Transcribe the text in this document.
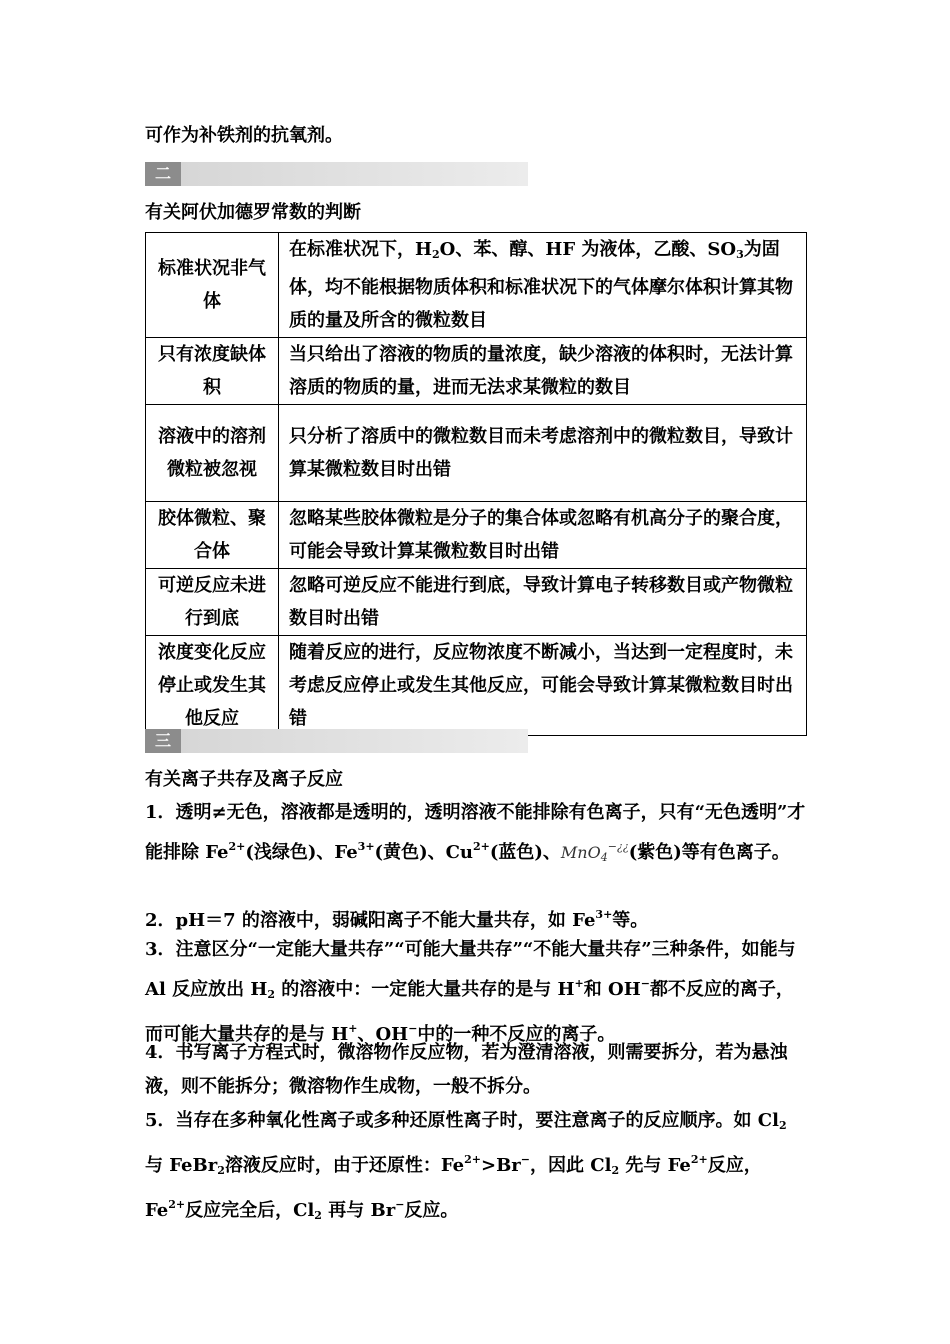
可作为补铁剂的抗氧剂。
二
有关阿伏加德罗常数的判断
标准状况非气体	在标准状况下，$H_2O$、苯、醇、HF 为液体，乙酸、$SO_3$为固体，均不能根据物质体积和标准状况下的气体摩尔体积计算其物质的量及所含的微粒数目
只有浓度缺体积	当只给出了溶液的物质的量浓度，缺少溶液的体积时，无法计算溶质的物质的量，进而无法求某微粒的数目
溶液中的溶剂微粒被忽视	只分析了溶质中的微粒数目而未考虑溶剂中的微粒数目，导致计算某微粒数目时出错
胶体微粒、聚合体	忽略某些胶体微粒是分子的集合体或忽略有机高分子的聚合度，可能会导致计算某微粒数目时出错
可逆反应未进行到底	忽略可逆反应不能进行到底，导致计算电子转移数目或产物微粒数目时出错
浓度变化反应停止或发生其他反应	随着反应的进行，反应物浓度不断减小，当达到一定程度时，未考虑反应停止或发生其他反应，可能会导致计算某微粒数目时出错
三
有关离子共存及离子反应
1．透明≠无色，溶液都是透明的，透明溶液不能排除有色离子，只有“无色透明”才能排除 $Fe^{2+}$(浅绿色)、$Fe^{3+}$(黄色)、$Cu^{2+}$(蓝色)、MnO$_4$−¿¿(紫色)等有色离子。
2．pH＝7 的溶液中，弱碱阳离子不能大量共存，如 $Fe^{3+}$等。
3．注意区分“一定能大量共存”“可能大量共存”“不能大量共存”三种条件，如能与 Al 反应放出 $H_2$ 的溶液中：一定能大量共存的是与 H+和 OH−都不反应的离子，而可能大量共存的是与 H+、OH−中的一种不反应的离子。
4．书写离子方程式时，微溶物作反应物，若为澄清溶液，则需要拆分，若为悬浊液，则不能拆分；微溶物作生成物，一般不拆分。
5．当存在多种氧化性离子或多种还原性离子时，要注意离子的反应顺序。如 $Cl_2$ 与 FeBr$_2$溶液反应时，由于还原性：$Fe^{2+}>Br^-$，因此 $Cl_2$ 先与 $Fe^{2+}$反应，$Fe^{2+}$反应完全后，$Cl_2$ 再与 Br−反应。
